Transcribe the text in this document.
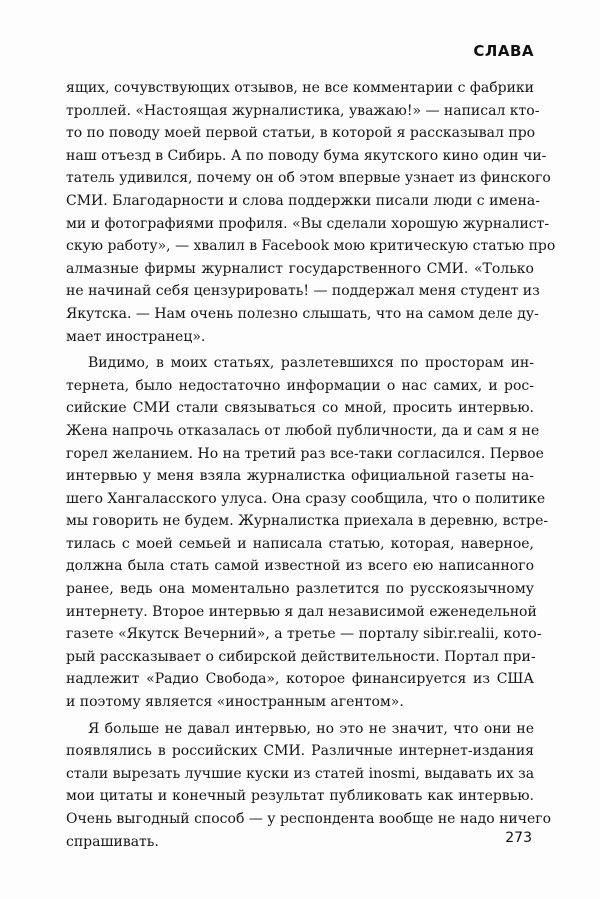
СЛАВА
ящих, сочувствующих отзывов, не все комментарии с фабрики
троллей. «Настоящая журналистика, уважаю!» — написал кто-
то по поводу моей первой статьи, в которой я рассказывал про
наш отъезд в Сибирь. А по поводу бума якутского кино один чи-
татель удивился, почему он об этом впервые узнает из финского
СМИ. Благодарности и слова поддержки писали люди с имена-
ми и фотографиями профиля. «Вы сделали хорошую журналист-
скую работу», — хвалил в Facebook мою критическую статью про
алмазные фирмы журналист государственного СМИ. «Только
не начинай себя цензурировать! — поддержал меня студент из
Якутска. — Нам очень полезно слышать, что на самом деле ду-
мает иностранец».
Видимо, в моих статьях, разлетевшихся по просторам ин-
тернета, было недостаточно информации о нас самих, и рос-
сийские СМИ стали связываться со мной, просить интервью.
Жена напрочь отказалась от любой публичности, да и сам я не
горел желанием. Но на третий раз все-таки согласился. Первое
интервью у меня взяла журналистка официальной газеты на-
шего Хангаласского улуса. Она сразу сообщила, что о политике
мы говорить не будем. Журналистка приехала в деревню, встре-
тилась с моей семьей и написала статью, которая, наверное,
должна была стать самой известной из всего ею написанного
ранее, ведь она моментально разлетится по русскоязычному
интернету. Второе интервью я дал независимой еженедельной
газете «Якутск Вечерний», а третье — порталу sibir.realii, кото-
рый рассказывает о сибирской действительности. Портал при-
надлежит «Радио Свобода», которое финансируется из США
и поэтому является «иностранным агентом».
Я больше не давал интервью, но это не значит, что они не
появлялись в российских СМИ. Различные интернет-издания
стали вырезать лучшие куски из статей inosmi, выдавать их за
мои цитаты и конечный результат публиковать как интервью.
Очень выгодный способ — у респондента вообще не надо ничего
спрашивать.	273
